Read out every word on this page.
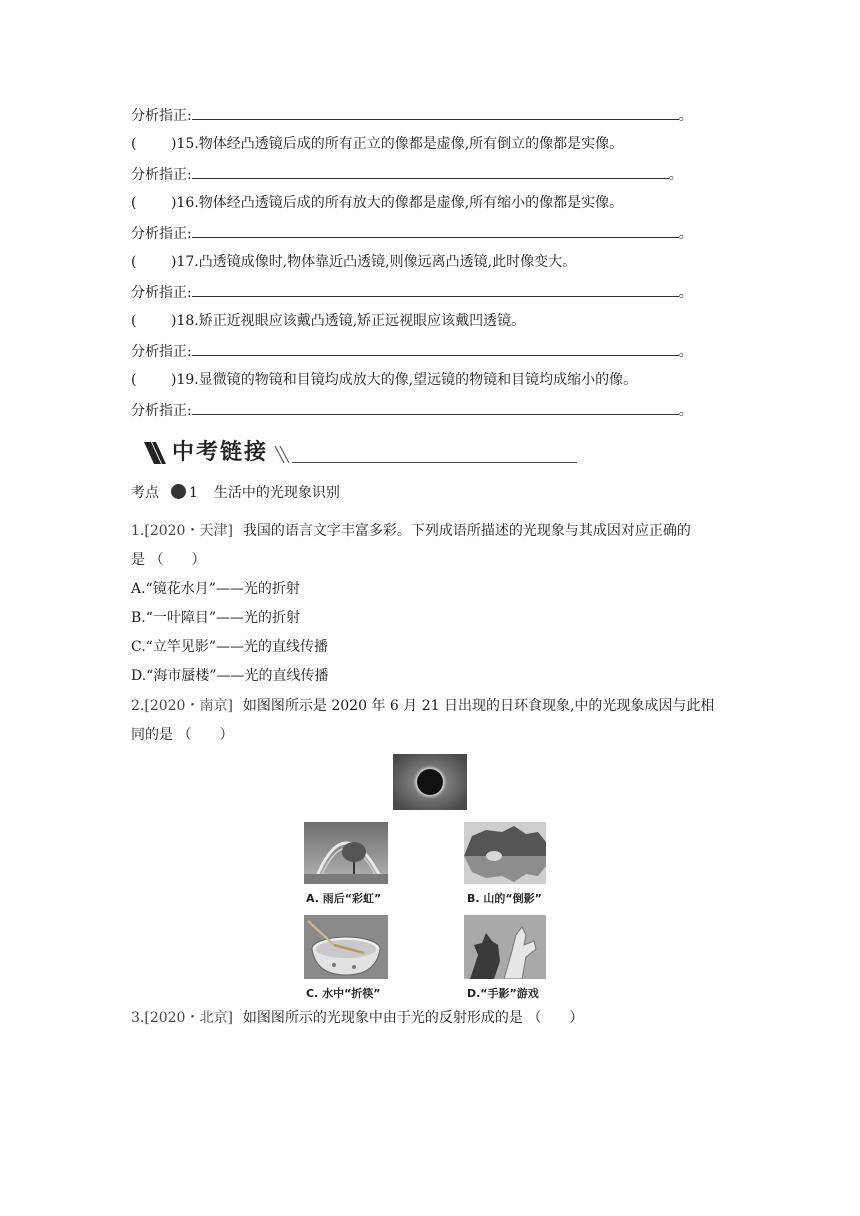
分析指正:	。
( )15.物体经凸透镜后成的所有正立的像都是虚像,所有倒立的像都是实像。
分析指正:	。
( )16.物体经凸透镜后成的所有放大的像都是虚像,所有缩小的像都是实像。
分析指正:	。
( )17.凸透镜成像时,物体靠近凸透镜,则像远离凸透镜,此时像变大。
分析指正:	。
( )18.矫正近视眼应该戴凸透镜,矫正远视眼应该戴凹透镜。
分析指正:	。
( )19.显微镜的物镜和目镜均成放大的像,望远镜的物镜和目镜均成缩小的像。
分析指正:	。
中考链接
考点 1 生活中的光现象识别
1.[2020・天津] 我国的语言文字丰富多彩。下列成语所描述的光现象与其成因对应正确的
是 （　　）
A.“镜花水月”——光的折射
B.“一叶障目”——光的折射
C.“立竿见影”——光的直线传播
D.“海市蜃楼”——光的直线传播
2.[2020・南京] 如图图所示是 2020 年 6 月 21 日出现的日环食现象,中的光现象成因与此相
同的是 （　　）
A. 雨后“彩虹”	B. 山的“倒影”
C. 水中“折筷”	D.“手影”游戏
3.[2020・北京] 如图图所示的光现象中由于光的反射形成的是 （　　）
